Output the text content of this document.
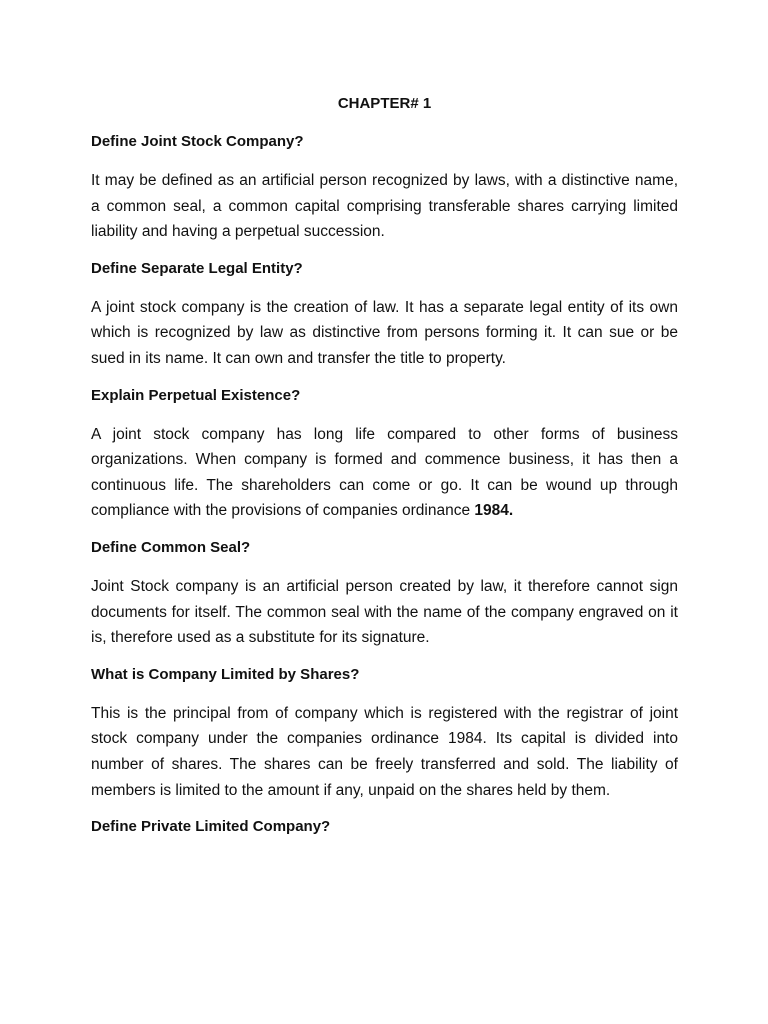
CHAPTER# 1
Define Joint Stock Company?

It may be defined as an artificial person recognized by laws, with a distinctive name, a common seal, a common capital comprising transferable shares carrying limited liability and having a perpetual succession.

Define Separate Legal Entity?

A joint stock company is the creation of law. It has a separate legal entity of its own which is recognized by law as distinctive from persons forming it. It can sue or be sued in its name. It can own and transfer the title to property.

Explain Perpetual Existence?

A joint stock company has long life compared to other forms of business organizations. When company is formed and commence business, it has then a continuous life. The shareholders can come or go. It can be wound up through compliance with the provisions of companies ordinance 1984.

Define Common Seal?

Joint Stock company is an artificial person created by law, it therefore cannot sign documents for itself. The common seal with the name of the company engraved on it is, therefore used as a substitute for its signature.

What is Company Limited by Shares?

This is the principal from of company which is registered with the registrar of joint stock company under the companies ordinance 1984. Its capital is divided into number of shares. The shares can be freely transferred and sold. The liability of members is limited to the amount if any, unpaid on the shares held by them.

Define Private Limited Company?
